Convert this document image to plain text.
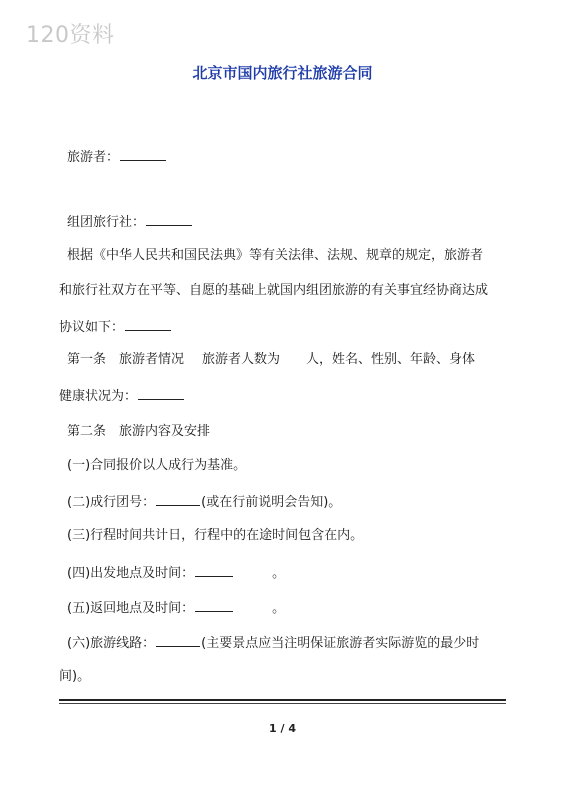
120资料
北京市国内旅行社旅游合同
旅游者：
组团旅行社：
根据《中华人民共和国民法典》等有关法律、法规、规章的规定，旅游者
和旅行社双方在平等、自愿的基础上就国内组团旅游的有关事宜经协商达成
协议如下：
第一条　旅游者情况 旅游者人数为 人，姓名、性别、年龄、身体
健康状况为：
第二条　旅游内容及安排
(一)合同报价以人成行为基准。
(二)成行团号：	(或在行前说明会告知)。
(三)行程时间共计日，行程中的在途时间包含在内。
(四)出发地点及时间：	。
(五)返回地点及时间：	。
(六)旅游线路：	(主要景点应当注明保证旅游者实际游览的最少时
间)。
1 / 4
